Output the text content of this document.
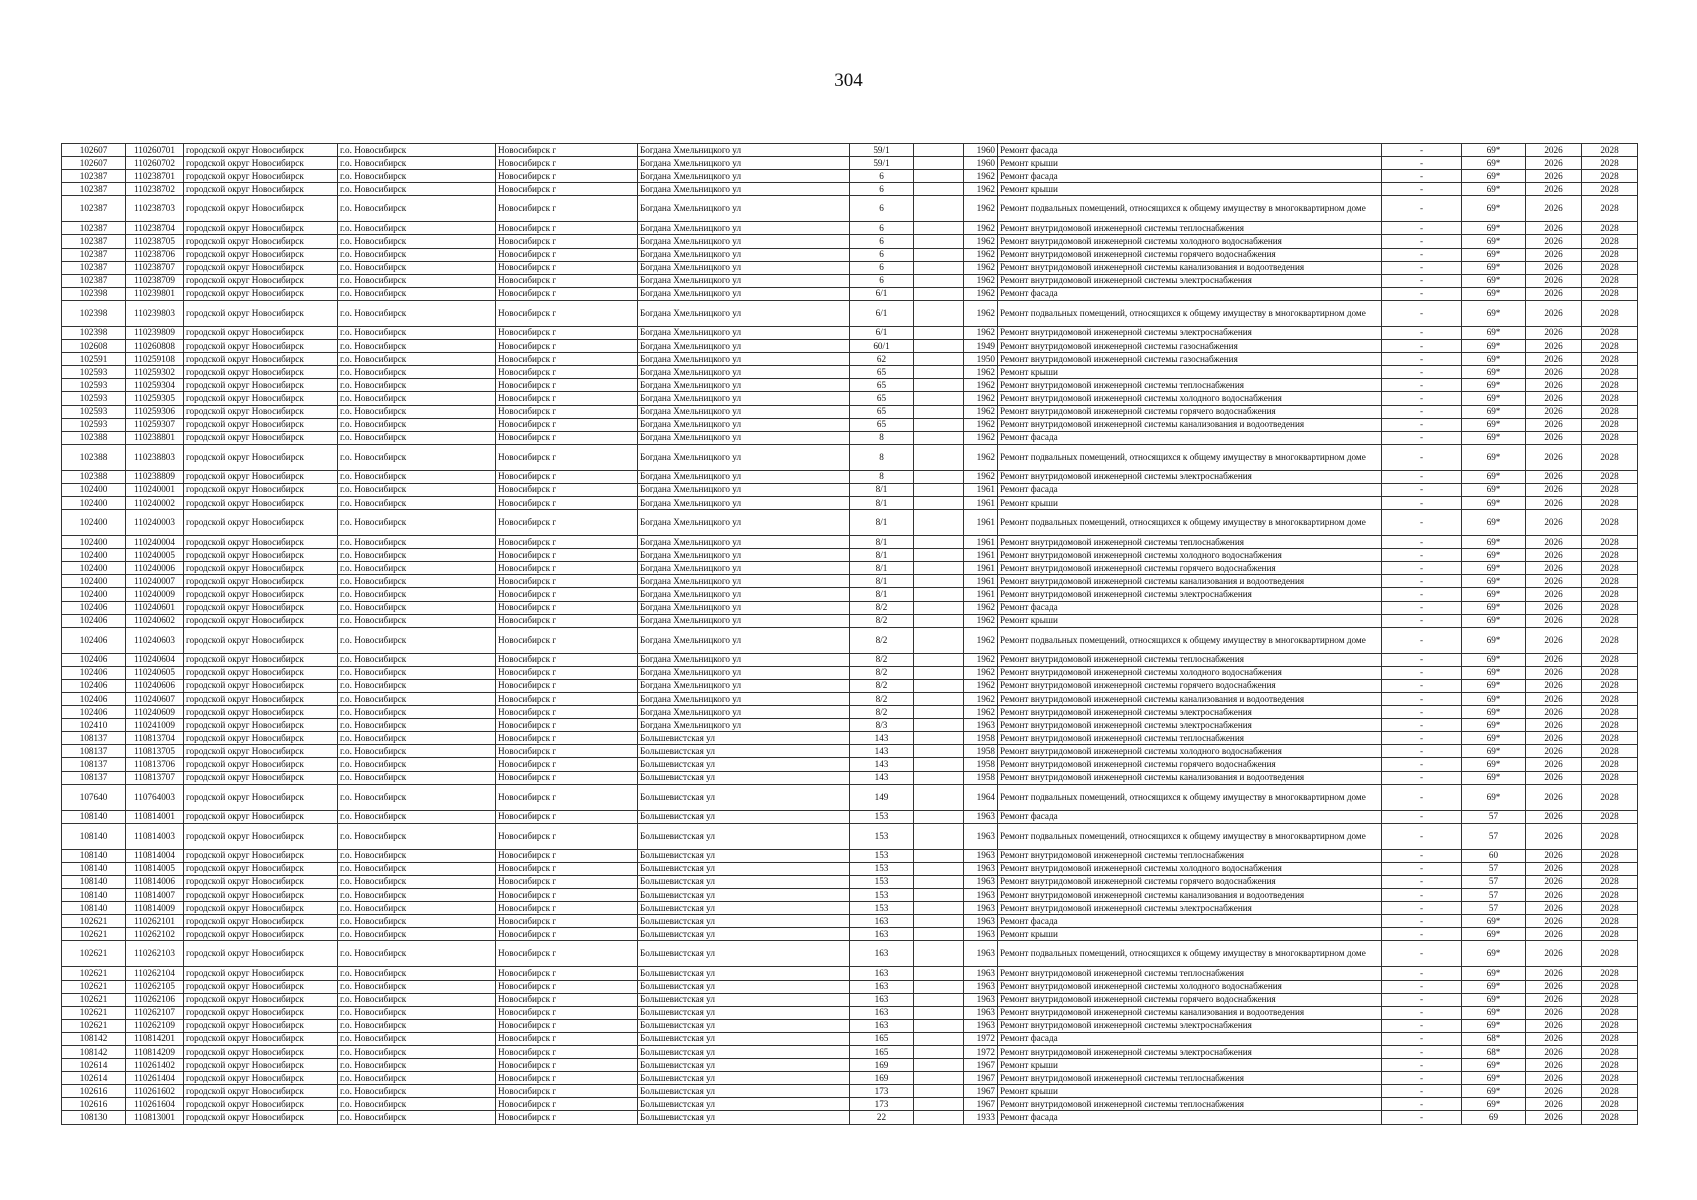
304
102607	110260701	городской округ Новосибирск	г.о. Новосибирск	Новосибирск г	Богдана Хмельницкого ул	59/1		1960	Ремонт фасада	-	69*	2026	2028
102607	110260702	городской округ Новосибирск	г.о. Новосибирск	Новосибирск г	Богдана Хмельницкого ул	59/1		1960	Ремонт крыши	-	69*	2026	2028
102387	110238701	городской округ Новосибирск	г.о. Новосибирск	Новосибирск г	Богдана Хмельницкого ул	6		1962	Ремонт фасада	-	69*	2026	2028
102387	110238702	городской округ Новосибирск	г.о. Новосибирск	Новосибирск г	Богдана Хмельницкого ул	6		1962	Ремонт крыши	-	69*	2026	2028
102387	110238703	городской округ Новосибирск	г.о. Новосибирск	Новосибирск г	Богдана Хмельницкого ул	6		1962	Ремонт подвальных помещений, относящихся к общему имуществу в многоквартирном доме	-	69*	2026	2028
102387	110238704	городской округ Новосибирск	г.о. Новосибирск	Новосибирск г	Богдана Хмельницкого ул	6		1962	Ремонт внутридомовой инженерной системы теплоснабжения	-	69*	2026	2028
102387	110238705	городской округ Новосибирск	г.о. Новосибирск	Новосибирск г	Богдана Хмельницкого ул	6		1962	Ремонт внутридомовой инженерной системы холодного водоснабжения	-	69*	2026	2028
102387	110238706	городской округ Новосибирск	г.о. Новосибирск	Новосибирск г	Богдана Хмельницкого ул	6		1962	Ремонт внутридомовой инженерной системы горячего водоснабжения	-	69*	2026	2028
102387	110238707	городской округ Новосибирск	г.о. Новосибирск	Новосибирск г	Богдана Хмельницкого ул	6		1962	Ремонт внутридомовой инженерной системы канализования и водоотведения	-	69*	2026	2028
102387	110238709	городской округ Новосибирск	г.о. Новосибирск	Новосибирск г	Богдана Хмельницкого ул	6		1962	Ремонт внутридомовой инженерной системы электроснабжения	-	69*	2026	2028
102398	110239801	городской округ Новосибирск	г.о. Новосибирск	Новосибирск г	Богдана Хмельницкого ул	6/1		1962	Ремонт фасада	-	69*	2026	2028
102398	110239803	городской округ Новосибирск	г.о. Новосибирск	Новосибирск г	Богдана Хмельницкого ул	6/1		1962	Ремонт подвальных помещений, относящихся к общему имуществу в многоквартирном доме	-	69*	2026	2028
102398	110239809	городской округ Новосибирск	г.о. Новосибирск	Новосибирск г	Богдана Хмельницкого ул	6/1		1962	Ремонт внутридомовой инженерной системы электроснабжения	-	69*	2026	2028
102608	110260808	городской округ Новосибирск	г.о. Новосибирск	Новосибирск г	Богдана Хмельницкого ул	60/1		1949	Ремонт внутридомовой инженерной системы газоснабжения	-	69*	2026	2028
102591	110259108	городской округ Новосибирск	г.о. Новосибирск	Новосибирск г	Богдана Хмельницкого ул	62		1950	Ремонт внутридомовой инженерной системы газоснабжения	-	69*	2026	2028
102593	110259302	городской округ Новосибирск	г.о. Новосибирск	Новосибирск г	Богдана Хмельницкого ул	65		1962	Ремонт крыши	-	69*	2026	2028
102593	110259304	городской округ Новосибирск	г.о. Новосибирск	Новосибирск г	Богдана Хмельницкого ул	65		1962	Ремонт внутридомовой инженерной системы теплоснабжения	-	69*	2026	2028
102593	110259305	городской округ Новосибирск	г.о. Новосибирск	Новосибирск г	Богдана Хмельницкого ул	65		1962	Ремонт внутридомовой инженерной системы холодного водоснабжения	-	69*	2026	2028
102593	110259306	городской округ Новосибирск	г.о. Новосибирск	Новосибирск г	Богдана Хмельницкого ул	65		1962	Ремонт внутридомовой инженерной системы горячего водоснабжения	-	69*	2026	2028
102593	110259307	городской округ Новосибирск	г.о. Новосибирск	Новосибирск г	Богдана Хмельницкого ул	65		1962	Ремонт внутридомовой инженерной системы канализования и водоотведения	-	69*	2026	2028
102388	110238801	городской округ Новосибирск	г.о. Новосибирск	Новосибирск г	Богдана Хмельницкого ул	8		1962	Ремонт фасада	-	69*	2026	2028
102388	110238803	городской округ Новосибирск	г.о. Новосибирск	Новосибирск г	Богдана Хмельницкого ул	8		1962	Ремонт подвальных помещений, относящихся к общему имуществу в многоквартирном доме	-	69*	2026	2028
102388	110238809	городской округ Новосибирск	г.о. Новосибирск	Новосибирск г	Богдана Хмельницкого ул	8		1962	Ремонт внутридомовой инженерной системы электроснабжения	-	69*	2026	2028
102400	110240001	городской округ Новосибирск	г.о. Новосибирск	Новосибирск г	Богдана Хмельницкого ул	8/1		1961	Ремонт фасада	-	69*	2026	2028
102400	110240002	городской округ Новосибирск	г.о. Новосибирск	Новосибирск г	Богдана Хмельницкого ул	8/1		1961	Ремонт крыши	-	69*	2026	2028
102400	110240003	городской округ Новосибирск	г.о. Новосибирск	Новосибирск г	Богдана Хмельницкого ул	8/1		1961	Ремонт подвальных помещений, относящихся к общему имуществу в многоквартирном доме	-	69*	2026	2028
102400	110240004	городской округ Новосибирск	г.о. Новосибирск	Новосибирск г	Богдана Хмельницкого ул	8/1		1961	Ремонт внутридомовой инженерной системы теплоснабжения	-	69*	2026	2028
102400	110240005	городской округ Новосибирск	г.о. Новосибирск	Новосибирск г	Богдана Хмельницкого ул	8/1		1961	Ремонт внутридомовой инженерной системы холодного водоснабжения	-	69*	2026	2028
102400	110240006	городской округ Новосибирск	г.о. Новосибирск	Новосибирск г	Богдана Хмельницкого ул	8/1		1961	Ремонт внутридомовой инженерной системы горячего водоснабжения	-	69*	2026	2028
102400	110240007	городской округ Новосибирск	г.о. Новосибирск	Новосибирск г	Богдана Хмельницкого ул	8/1		1961	Ремонт внутридомовой инженерной системы канализования и водоотведения	-	69*	2026	2028
102400	110240009	городской округ Новосибирск	г.о. Новосибирск	Новосибирск г	Богдана Хмельницкого ул	8/1		1961	Ремонт внутридомовой инженерной системы электроснабжения	-	69*	2026	2028
102406	110240601	городской округ Новосибирск	г.о. Новосибирск	Новосибирск г	Богдана Хмельницкого ул	8/2		1962	Ремонт фасада	-	69*	2026	2028
102406	110240602	городской округ Новосибирск	г.о. Новосибирск	Новосибирск г	Богдана Хмельницкого ул	8/2		1962	Ремонт крыши	-	69*	2026	2028
102406	110240603	городской округ Новосибирск	г.о. Новосибирск	Новосибирск г	Богдана Хмельницкого ул	8/2		1962	Ремонт подвальных помещений, относящихся к общему имуществу в многоквартирном доме	-	69*	2026	2028
102406	110240604	городской округ Новосибирск	г.о. Новосибирск	Новосибирск г	Богдана Хмельницкого ул	8/2		1962	Ремонт внутридомовой инженерной системы теплоснабжения	-	69*	2026	2028
102406	110240605	городской округ Новосибирск	г.о. Новосибирск	Новосибирск г	Богдана Хмельницкого ул	8/2		1962	Ремонт внутридомовой инженерной системы холодного водоснабжения	-	69*	2026	2028
102406	110240606	городской округ Новосибирск	г.о. Новосибирск	Новосибирск г	Богдана Хмельницкого ул	8/2		1962	Ремонт внутридомовой инженерной системы горячего водоснабжения	-	69*	2026	2028
102406	110240607	городской округ Новосибирск	г.о. Новосибирск	Новосибирск г	Богдана Хмельницкого ул	8/2		1962	Ремонт внутридомовой инженерной системы канализования и водоотведения	-	69*	2026	2028
102406	110240609	городской округ Новосибирск	г.о. Новосибирск	Новосибирск г	Богдана Хмельницкого ул	8/2		1962	Ремонт внутридомовой инженерной системы электроснабжения	-	69*	2026	2028
102410	110241009	городской округ Новосибирск	г.о. Новосибирск	Новосибирск г	Богдана Хмельницкого ул	8/3		1963	Ремонт внутридомовой инженерной системы электроснабжения	-	69*	2026	2028
108137	110813704	городской округ Новосибирск	г.о. Новосибирск	Новосибирск г	Большевистская ул	143		1958	Ремонт внутридомовой инженерной системы теплоснабжения	-	69*	2026	2028
108137	110813705	городской округ Новосибирск	г.о. Новосибирск	Новосибирск г	Большевистская ул	143		1958	Ремонт внутридомовой инженерной системы холодного водоснабжения	-	69*	2026	2028
108137	110813706	городской округ Новосибирск	г.о. Новосибирск	Новосибирск г	Большевистская ул	143		1958	Ремонт внутридомовой инженерной системы горячего водоснабжения	-	69*	2026	2028
108137	110813707	городской округ Новосибирск	г.о. Новосибирск	Новосибирск г	Большевистская ул	143		1958	Ремонт внутридомовой инженерной системы канализования и водоотведения	-	69*	2026	2028
107640	110764003	городской округ Новосибирск	г.о. Новосибирск	Новосибирск г	Большевистская ул	149		1964	Ремонт подвальных помещений, относящихся к общему имуществу в многоквартирном доме	-	69*	2026	2028
108140	110814001	городской округ Новосибирск	г.о. Новосибирск	Новосибирск г	Большевистская ул	153		1963	Ремонт фасада	-	57	2026	2028
108140	110814003	городской округ Новосибирск	г.о. Новосибирск	Новосибирск г	Большевистская ул	153		1963	Ремонт подвальных помещений, относящихся к общему имуществу в многоквартирном доме	-	57	2026	2028
108140	110814004	городской округ Новосибирск	г.о. Новосибирск	Новосибирск г	Большевистская ул	153		1963	Ремонт внутридомовой инженерной системы теплоснабжения	-	60	2026	2028
108140	110814005	городской округ Новосибирск	г.о. Новосибирск	Новосибирск г	Большевистская ул	153		1963	Ремонт внутридомовой инженерной системы холодного водоснабжения	-	57	2026	2028
108140	110814006	городской округ Новосибирск	г.о. Новосибирск	Новосибирск г	Большевистская ул	153		1963	Ремонт внутридомовой инженерной системы горячего водоснабжения	-	57	2026	2028
108140	110814007	городской округ Новосибирск	г.о. Новосибирск	Новосибирск г	Большевистская ул	153		1963	Ремонт внутридомовой инженерной системы канализования и водоотведения	-	57	2026	2028
108140	110814009	городской округ Новосибирск	г.о. Новосибирск	Новосибирск г	Большевистская ул	153		1963	Ремонт внутридомовой инженерной системы электроснабжения	-	57	2026	2028
102621	110262101	городской округ Новосибирск	г.о. Новосибирск	Новосибирск г	Большевистская ул	163		1963	Ремонт фасада	-	69*	2026	2028
102621	110262102	городской округ Новосибирск	г.о. Новосибирск	Новосибирск г	Большевистская ул	163		1963	Ремонт крыши	-	69*	2026	2028
102621	110262103	городской округ Новосибирск	г.о. Новосибирск	Новосибирск г	Большевистская ул	163		1963	Ремонт подвальных помещений, относящихся к общему имуществу в многоквартирном доме	-	69*	2026	2028
102621	110262104	городской округ Новосибирск	г.о. Новосибирск	Новосибирск г	Большевистская ул	163		1963	Ремонт внутридомовой инженерной системы теплоснабжения	-	69*	2026	2028
102621	110262105	городской округ Новосибирск	г.о. Новосибирск	Новосибирск г	Большевистская ул	163		1963	Ремонт внутридомовой инженерной системы холодного водоснабжения	-	69*	2026	2028
102621	110262106	городской округ Новосибирск	г.о. Новосибирск	Новосибирск г	Большевистская ул	163		1963	Ремонт внутридомовой инженерной системы горячего водоснабжения	-	69*	2026	2028
102621	110262107	городской округ Новосибирск	г.о. Новосибирск	Новосибирск г	Большевистская ул	163		1963	Ремонт внутридомовой инженерной системы канализования и водоотведения	-	69*	2026	2028
102621	110262109	городской округ Новосибирск	г.о. Новосибирск	Новосибирск г	Большевистская ул	163		1963	Ремонт внутридомовой инженерной системы электроснабжения	-	69*	2026	2028
108142	110814201	городской округ Новосибирск	г.о. Новосибирск	Новосибирск г	Большевистская ул	165		1972	Ремонт фасада	-	68*	2026	2028
108142	110814209	городской округ Новосибирск	г.о. Новосибирск	Новосибирск г	Большевистская ул	165		1972	Ремонт внутридомовой инженерной системы электроснабжения	-	68*	2026	2028
102614	110261402	городской округ Новосибирск	г.о. Новосибирск	Новосибирск г	Большевистская ул	169		1967	Ремонт крыши	-	69*	2026	2028
102614	110261404	городской округ Новосибирск	г.о. Новосибирск	Новосибирск г	Большевистская ул	169		1967	Ремонт внутридомовой инженерной системы теплоснабжения	-	69*	2026	2028
102616	110261602	городской округ Новосибирск	г.о. Новосибирск	Новосибирск г	Большевистская ул	173		1967	Ремонт крыши	-	69*	2026	2028
102616	110261604	городской округ Новосибирск	г.о. Новосибирск	Новосибирск г	Большевистская ул	173		1967	Ремонт внутридомовой инженерной системы теплоснабжения	-	69*	2026	2028
108130	110813001	городской округ Новосибирск	г.о. Новосибирск	Новосибирск г	Большевистская ул	22		1933	Ремонт фасада	-	69	2026	2028
